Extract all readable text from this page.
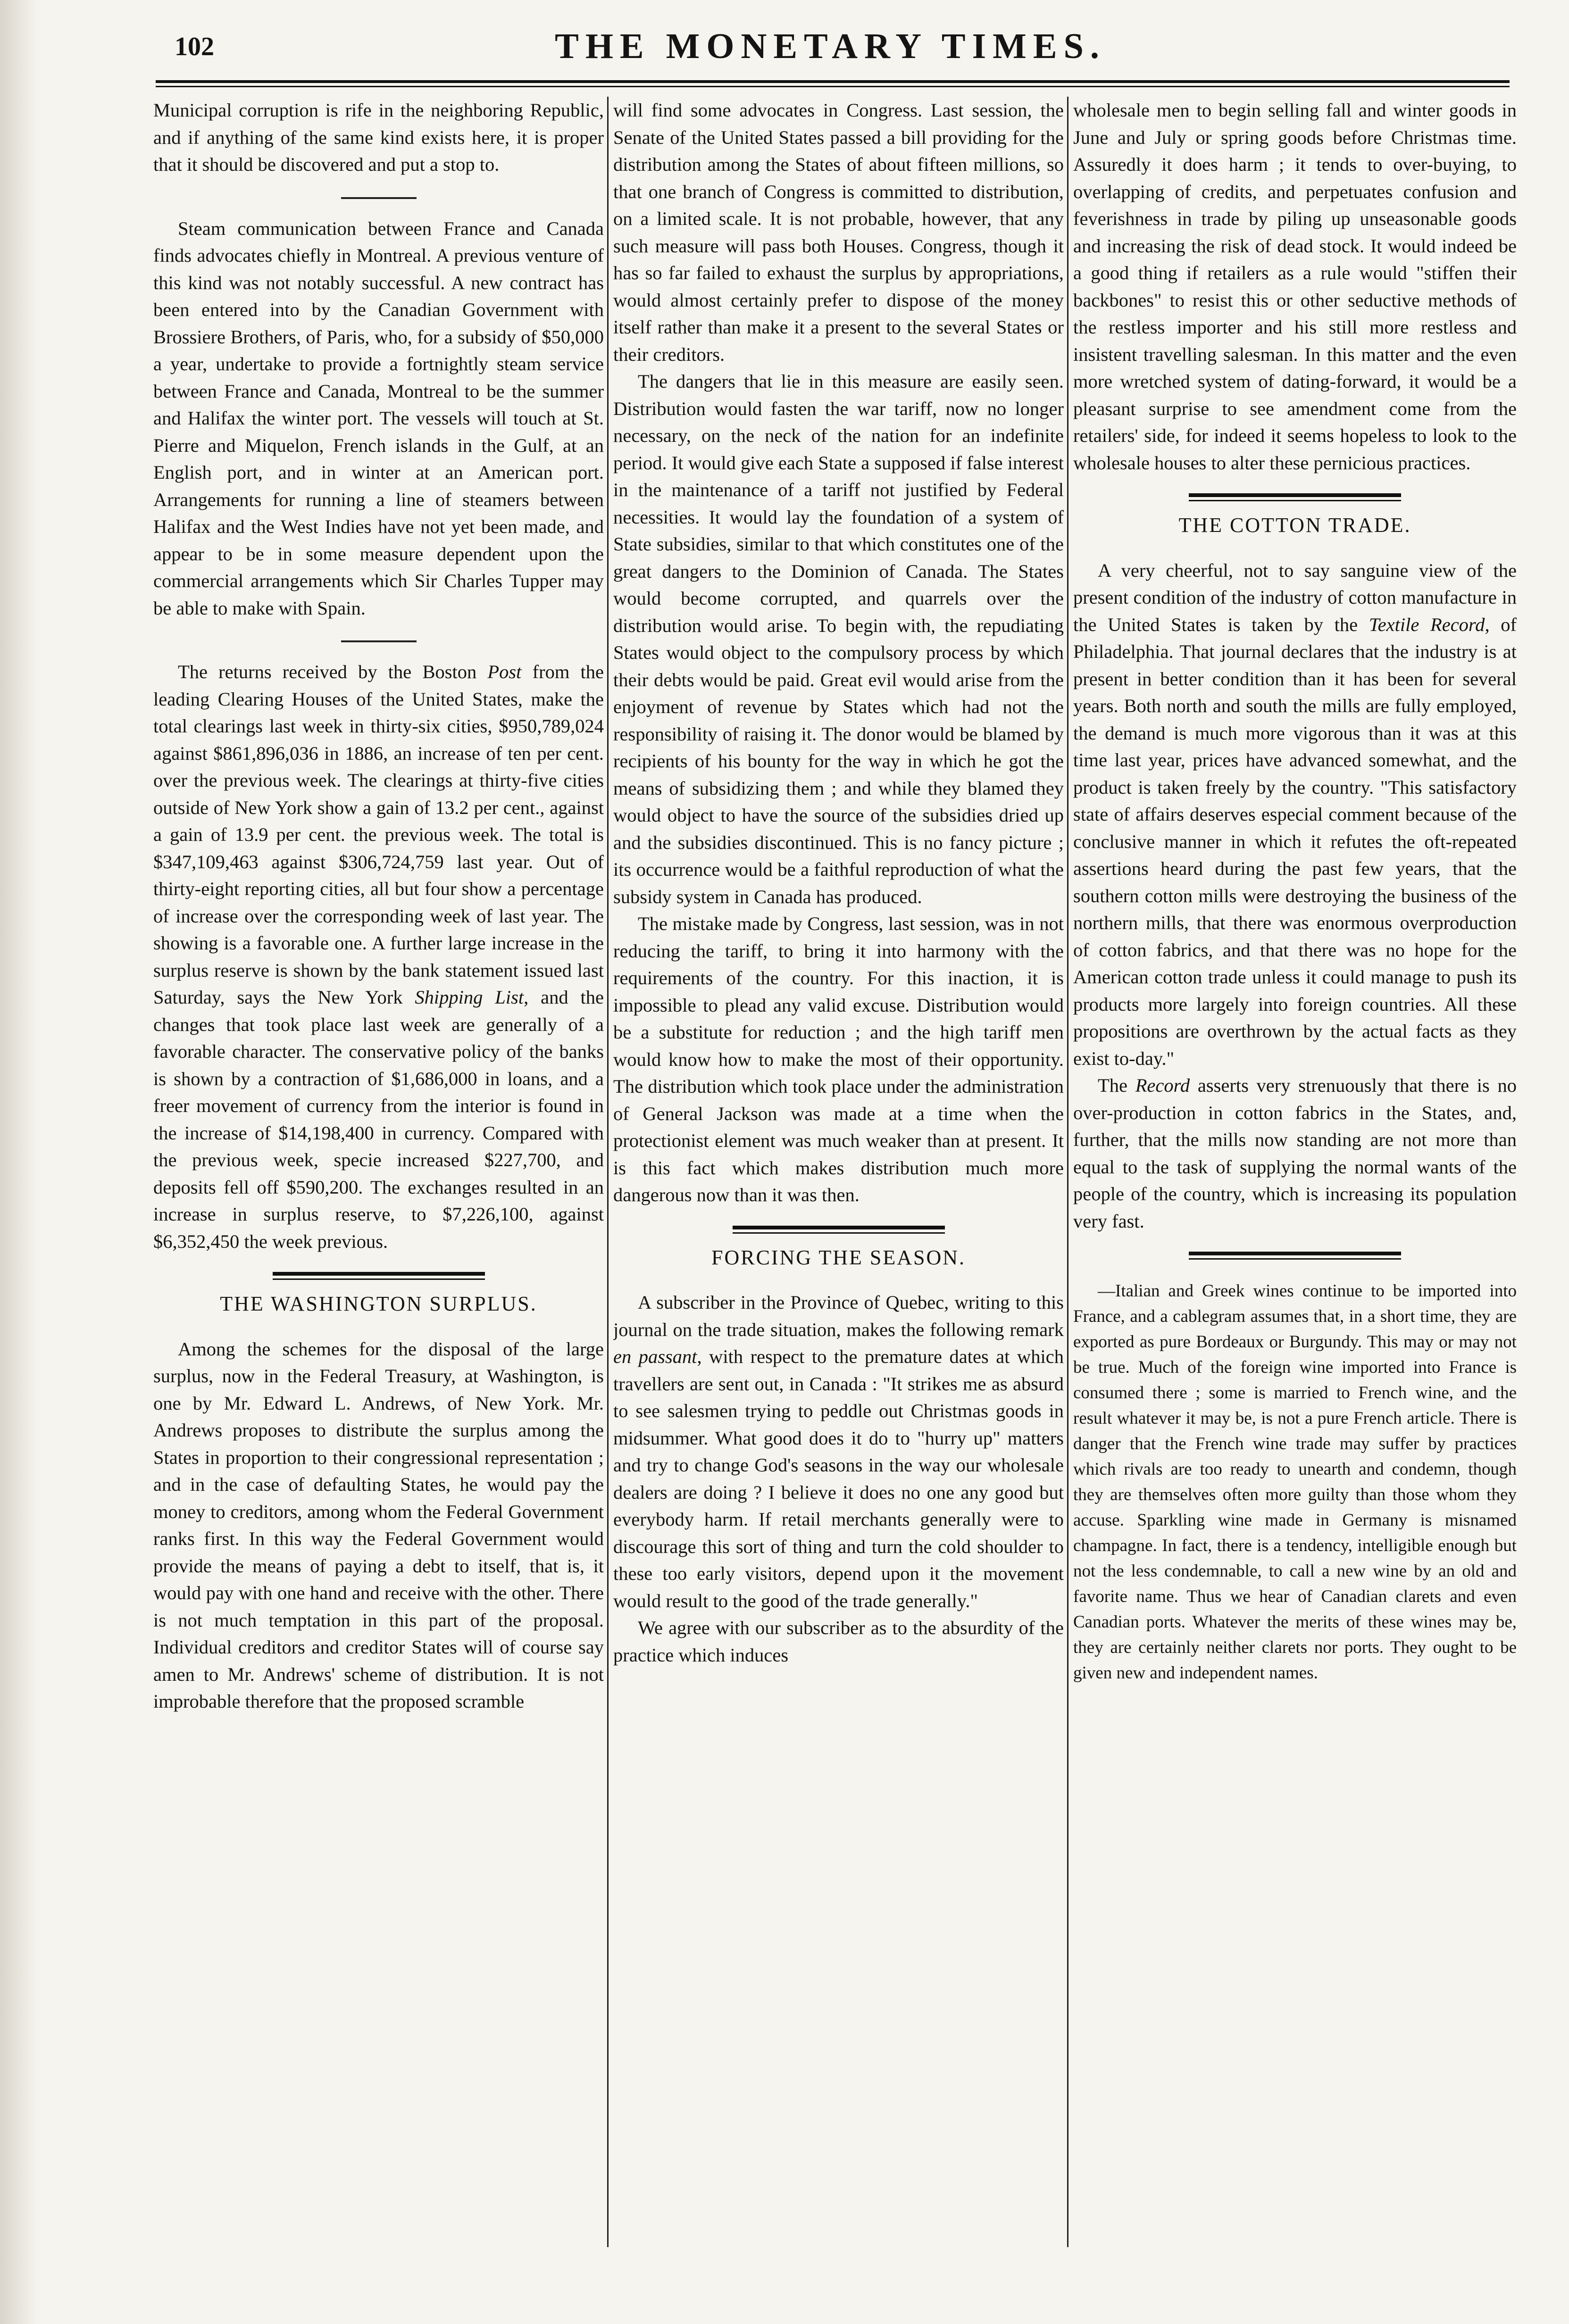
102	THE MONETARY TIMES.

Municipal corruption is rife in the neighboring Republic, and if anything of the same kind exists here, it is proper that it should be discovered and put a stop to.

Steam communication between France and Canada finds advocates chiefly in Montreal. A previous venture of this kind was not notably successful. A new contract has been entered into by the Canadian Government with Brossiere Brothers, of Paris, who, for a subsidy of $50,000 a year, undertake to provide a fortnightly steam service between France and Canada, Montreal to be the summer and Halifax the winter port. The vessels will touch at St. Pierre and Miquelon, French islands in the Gulf, at an English port, and in winter at an American port. Arrangements for running a line of steamers between Halifax and the West Indies have not yet been made, and appear to be in some measure dependent upon the commercial arrangements which Sir Charles Tupper may be able to make with Spain.

The returns received by the Boston Post from the leading Clearing Houses of the United States, make the total clearings last week in thirty-six cities, $950,789,024 against $861,896,036 in 1886, an increase of ten per cent. over the previous week. The clearings at thirty-five cities outside of New York show a gain of 13.2 per cent., against a gain of 13.9 per cent. the previous week. The total is $347,109,463 against $306,724,759 last year. Out of thirty-eight reporting cities, all but four show a percentage of increase over the corresponding week of last year. The showing is a favorable one. A further large increase in the surplus reserve is shown by the bank statement issued last Saturday, says the New York Shipping List, and the changes that took place last week are generally of a favorable character. The conservative policy of the banks is shown by a contraction of $1,686,000 in loans, and a freer movement of currency from the interior is found in the increase of $14,198,400 in currency. Compared with the previous week, specie increased $227,700, and deposits fell off $590,200. The exchanges resulted in an increase in surplus reserve, to $7,226,100, against $6,352,450 the week previous.

THE WASHINGTON SURPLUS.

Among the schemes for the disposal of the large surplus, now in the Federal Treasury, at Washington, is one by Mr. Edward L. Andrews, of New York. Mr. Andrews proposes to distribute the surplus among the States in proportion to their congressional representation ; and in the case of defaulting States, he would pay the money to creditors, among whom the Federal Government ranks first. In this way the Federal Government would provide the means of paying a debt to itself, that is, it would pay with one hand and receive with the other. There is not much temptation in this part of the proposal. Individual creditors and creditor States will of course say amen to Mr. Andrews' scheme of distribution. It is not improbable therefore that the proposed scramble

will find some advocates in Congress. Last session, the Senate of the United States passed a bill providing for the distribution among the States of about fifteen millions, so that one branch of Congress is committed to distribution, on a limited scale. It is not probable, however, that any such measure will pass both Houses. Congress, though it has so far failed to exhaust the surplus by appropriations, would almost certainly prefer to dispose of the money itself rather than make it a present to the several States or their creditors.

The dangers that lie in this measure are easily seen. Distribution would fasten the war tariff, now no longer necessary, on the neck of the nation for an indefinite period. It would give each State a supposed if false interest in the maintenance of a tariff not justified by Federal necessities. It would lay the foundation of a system of State subsidies, similar to that which constitutes one of the great dangers to the Dominion of Canada. The States would become corrupted, and quarrels over the distribution would arise. To begin with, the repudiating States would object to the compulsory process by which their debts would be paid. Great evil would arise from the enjoyment of revenue by States which had not the responsibility of raising it. The donor would be blamed by recipients of his bounty for the way in which he got the means of subsidizing them ; and while they blamed they would object to have the source of the subsidies dried up and the subsidies discontinued. This is no fancy picture ; its occurrence would be a faithful reproduction of what the subsidy system in Canada has produced.

The mistake made by Congress, last session, was in not reducing the tariff, to bring it into harmony with the requirements of the country. For this inaction, it is impossible to plead any valid excuse. Distribution would be a substitute for reduction ; and the high tariff men would know how to make the most of their opportunity. The distribution which took place under the administration of General Jackson was made at a time when the protectionist element was much weaker than at present. It is this fact which makes distribution much more dangerous now than it was then.

FORCING THE SEASON.

A subscriber in the Province of Quebec, writing to this journal on the trade situation, makes the following remark en passant, with respect to the premature dates at which travellers are sent out, in Canada : "It strikes me as absurd to see salesmen trying to peddle out Christmas goods in midsummer. What good does it do to "hurry up" matters and try to change God's seasons in the way our wholesale dealers are doing ? I believe it does no one any good but everybody harm. If retail merchants generally were to discourage this sort of thing and turn the cold shoulder to these too early visitors, depend upon it the movement would result to the good of the trade generally."

We agree with our subscriber as to the absurdity of the practice which induces

wholesale men to begin selling fall and winter goods in June and July or spring goods before Christmas time. Assuredly it does harm ; it tends to over-buying, to overlapping of credits, and perpetuates confusion and feverishness in trade by piling up unseasonable goods and increasing the risk of dead stock. It would indeed be a good thing if retailers as a rule would "stiffen their backbones" to resist this or other seductive methods of the restless importer and his still more restless and insistent travelling salesman. In this matter and the even more wretched system of dating-forward, it would be a pleasant surprise to see amendment come from the retailers' side, for indeed it seems hopeless to look to the wholesale houses to alter these pernicious practices.

THE COTTON TRADE.

A very cheerful, not to say sanguine view of the present condition of the industry of cotton manufacture in the United States is taken by the Textile Record, of Philadelphia. That journal declares that the industry is at present in better condition than it has been for several years. Both north and south the mills are fully employed, the demand is much more vigorous than it was at this time last year, prices have advanced somewhat, and the product is taken freely by the country. "This satisfactory state of affairs deserves especial comment because of the conclusive manner in which it refutes the oft-repeated assertions heard during the past few years, that the southern cotton mills were destroying the business of the northern mills, that there was enormous overproduction of cotton fabrics, and that there was no hope for the American cotton trade unless it could manage to push its products more largely into foreign countries. All these propositions are overthrown by the actual facts as they exist to-day."

The Record asserts very strenuously that there is no over-production in cotton fabrics in the States, and, further, that the mills now standing are not more than equal to the task of supplying the normal wants of the people of the country, which is increasing its population very fast.

—Italian and Greek wines continue to be imported into France, and a cablegram assumes that, in a short time, they are exported as pure Bordeaux or Burgundy. This may or may not be true. Much of the foreign wine imported into France is consumed there ; some is married to French wine, and the result whatever it may be, is not a pure French article. There is danger that the French wine trade may suffer by practices which rivals are too ready to unearth and condemn, though they are themselves often more guilty than those whom they accuse. Sparkling wine made in Germany is misnamed champagne. In fact, there is a tendency, intelligible enough but not the less condemnable, to call a new wine by an old and favorite name. Thus we hear of Canadian clarets and even Canadian ports. Whatever the merits of these wines may be, they are certainly neither clarets nor ports. They ought to be given new and independent names.
